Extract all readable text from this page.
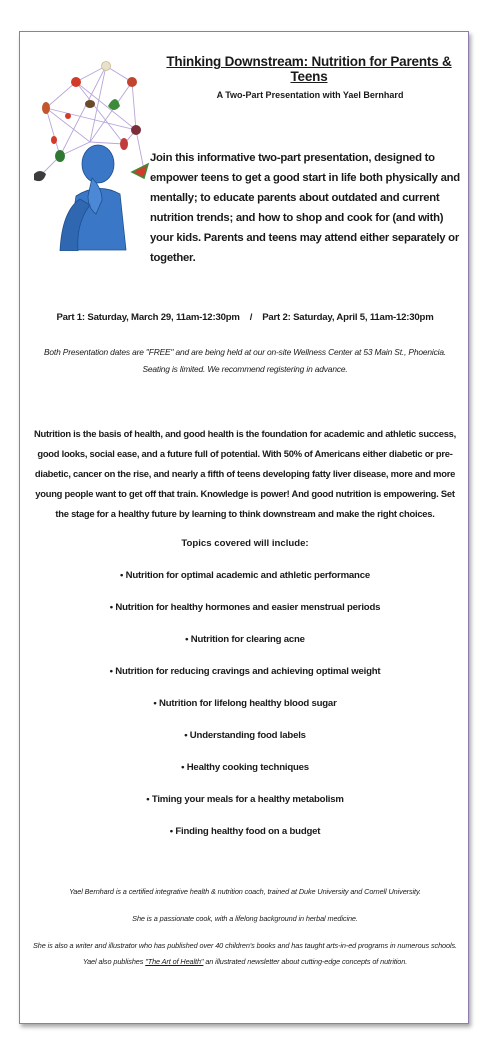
Thinking Downstream: Nutrition for Parents & Teens
A Two-Part Presentation with Yael Bernhard
Join this informative two-part presentation, designed to empower teens to get a good start in life both physically and mentally; to educate parents about outdated and current nutrition trends; and how to shop and cook for (and with) your kids. Parents and teens may attend either separately or together.
Part 1: Saturday, March 29, 11am-12:30pm / Part 2: Saturday, April 5, 11am-12:30pm
Both Presentation dates are "FREE" and are being held at our on-site Wellness Center at 53 Main St., Phoenicia.
Seating is limited. We recommend registering in advance.
Nutrition is the basis of health, and good health is the foundation for academic and athletic success, good looks, social ease, and a future full of potential. With 50% of Americans either diabetic or pre-diabetic, cancer on the rise, and nearly a fifth of teens developing fatty liver disease, more and more young people want to get off that train. Knowledge is power! And good nutrition is empowering. Set the stage for a healthy future by learning to think downstream and make the right choices.
Topics covered will include:
• Nutrition for optimal academic and athletic performance
• Nutrition for healthy hormones and easier menstrual periods
• Nutrition for clearing acne
• Nutrition for reducing cravings and achieving optimal weight
• Nutrition for lifelong healthy blood sugar
• Understanding food labels
• Healthy cooking techniques
• Timing your meals for a healthy metabolism
• Finding healthy food on a budget

Yael Bernhard is a certified integrative health & nutrition coach, trained at Duke University and Cornell University.

She is a passionate cook, with a lifelong background in herbal medicine.

She is also a writer and illustrator who has published over 40 children's books and has taught arts-in-ed programs in numerous schools. Yael also publishes "The Art of Health" an illustrated newsletter about cutting-edge concepts of nutrition.
